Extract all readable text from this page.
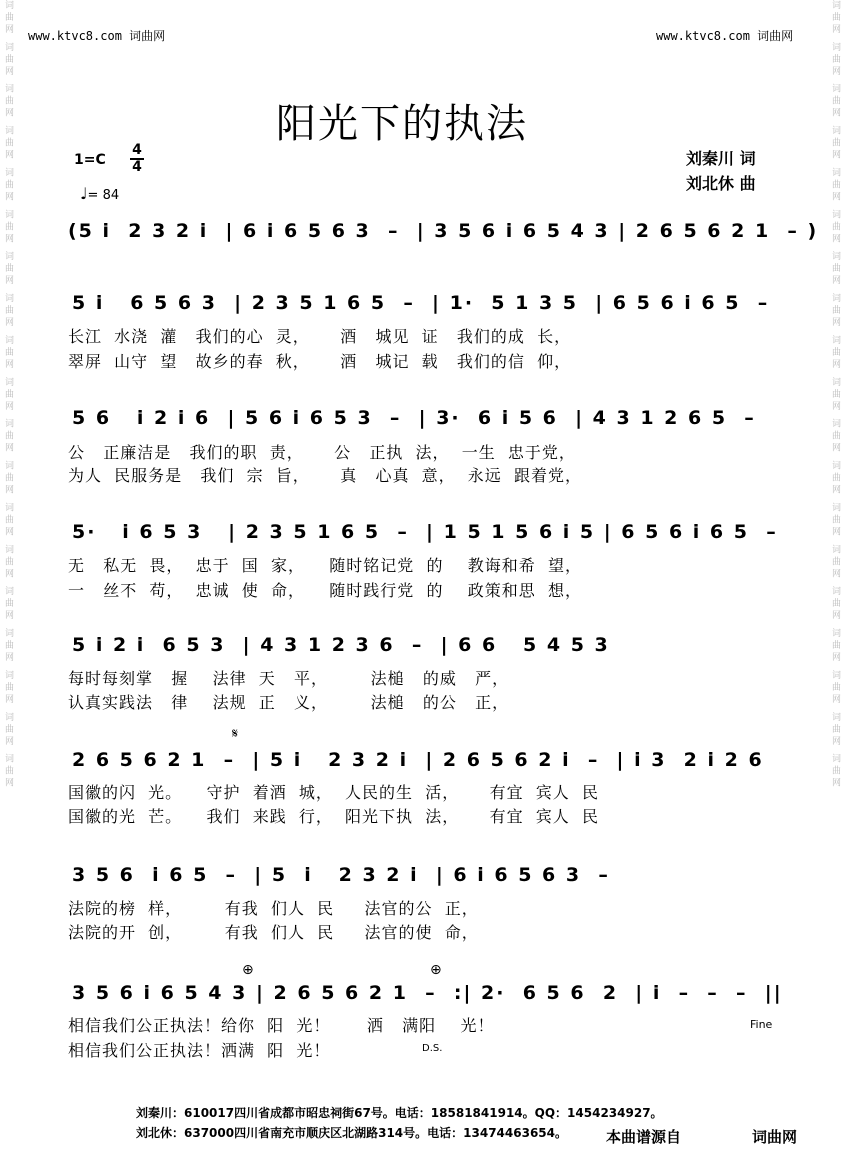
www.ktvc8.com 词曲网	www.ktvc8.com 词曲网
词曲网 词曲网 词曲网 词曲网 词曲网 词曲网 词曲网 词曲网 词曲网 词曲网 词曲网 词曲网 词曲网 词曲网 词曲网 词曲网 词曲网 词曲网 词曲网
词曲网 词曲网 词曲网 词曲网 词曲网 词曲网 词曲网 词曲网 词曲网 词曲网 词曲网 词曲网 词曲网 词曲网 词曲网 词曲网 词曲网 词曲网 词曲网
阳光下的执法
1=C
4
4
♩= 84
刘秦川 词
刘北休 曲
(5 i  2 3 2 i  | 6 i 6 5 6 3  –  | 3 5 6 i 6 5 4 3 | 2 6 5 6 2 1  – )
5 i   6 5 6 3  | 2 3 5 1 6 5  –  | 1·  5 1 3 5  | 6 5 6 i 6 5  –
长江  水浇  灌   我们的心  灵，     酒   城见  证   我们的成  长，
翠屏  山守  望   故乡的春  秋，     酒   城记  载   我们的信  仰，
5 6   i 2 i 6  | 5 6 i 6 5 3  –  | 3·  6 i 5 6  | 4 3 1 2 6 5  –
公   正廉洁是   我们的职  责，     公   正执  法，  一生  忠于党，
为人  民服务是   我们  宗  旨，     真   心真  意，  永远  跟着党，
5·   i 6 5 3   | 2 3 5 1 6 5  –  | 1 5 1 5 6 i 5 | 6 5 6 i 6 5  –
无   私无  畏，  忠于  国  家，    随时铭记党  的    教诲和希  望，
一   丝不  苟，  忠诚  使  命，    随时践行党  的    政策和思  想，
5 i 2 i  6 5 3  | 4 3 1 2 3 6  –  | 6 6   5 4 5 3
每时每刻掌   握    法律  天   平，       法槌   的威   严，
认真实践法   律    法规  正   义，       法槌   的公   正，
𝄋
2 6 5 6 2 1  –  | 5 i   2 3 2 i  | 2 6 5 6 2 i  –  | i 3  2 i 2 6
国徽的闪  光。    守护  着酒  城，  人民的生  活，     有宜  宾人  民
国徽的光  芒。    我们  来践  行，  阳光下执  法，     有宜  宾人  民
3 5 6  i 6 5  –  | 5  i   2 3 2 i  | 6 i 6 5 6 3  –
法院的榜  样，       有我  们人  民     法官的公  正，
法院的开  创，       有我  们人  民     法官的使  命，
⊕	⊕
3 5 6 i 6 5 4 3 | 2 6 5 6 2 1  –  :| 2·  6 5 6  2  | i  –  –  –  ||
相信我们公正执法！给你  阳  光！      洒   满阳    光！
相信我们公正执法！洒满  阳  光！
Fine
D.S.
刘秦川：610017四川省成都市昭忠祠街67号。电话：18581841914。QQ：1454234927。
刘北休：637000四川省南充市顺庆区北湖路314号。电话：13474463654。	本曲谱源自	词曲网
